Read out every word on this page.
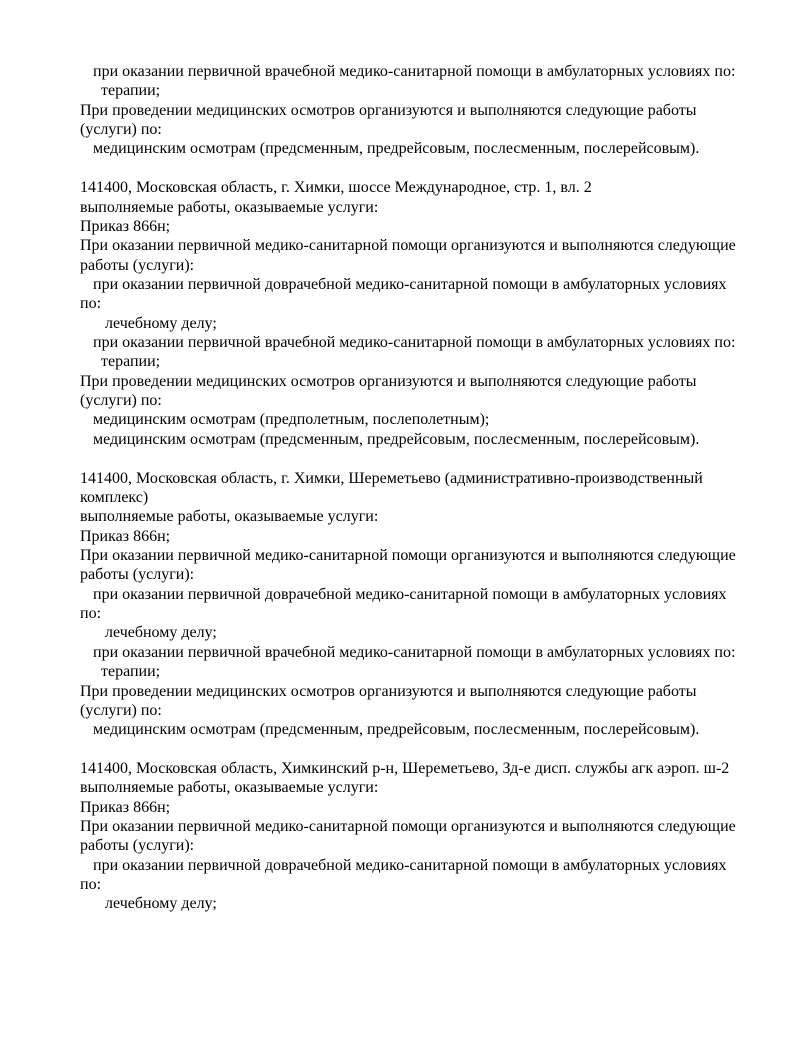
при оказании первичной врачебной медико-санитарной помощи в амбулаторных условиях по:
терапии;
При проведении медицинских осмотров организуются и выполняются следующие работы
(услуги) по:
медицинским осмотрам (предсменным, предрейсовым, послесменным, послерейсовым).
141400, Московская область, г. Химки, шоссе Международное, стр. 1, вл. 2
выполняемые работы, оказываемые услуги:
Приказ 866н;
При оказании первичной медико-санитарной помощи организуются и выполняются следующие
работы (услуги):
при оказании первичной доврачебной медико-санитарной помощи в амбулаторных условиях
по:
лечебному делу;
при оказании первичной врачебной медико-санитарной помощи в амбулаторных условиях по:
терапии;
При проведении медицинских осмотров организуются и выполняются следующие работы
(услуги) по:
медицинским осмотрам (предполетным, послеполетным);
медицинским осмотрам (предсменным, предрейсовым, послесменным, послерейсовым).
141400, Московская область, г. Химки, Шереметьево (административно-производственный
комплекс)
выполняемые работы, оказываемые услуги:
Приказ 866н;
При оказании первичной медико-санитарной помощи организуются и выполняются следующие
работы (услуги):
при оказании первичной доврачебной медико-санитарной помощи в амбулаторных условиях
по:
лечебному делу;
при оказании первичной врачебной медико-санитарной помощи в амбулаторных условиях по:
терапии;
При проведении медицинских осмотров организуются и выполняются следующие работы
(услуги) по:
медицинским осмотрам (предсменным, предрейсовым, послесменным, послерейсовым).
141400, Московская область, Химкинский р-н, Шереметьево, Зд-е дисп. службы агк аэроп. ш-2
выполняемые работы, оказываемые услуги:
Приказ 866н;
При оказании первичной медико-санитарной помощи организуются и выполняются следующие
работы (услуги):
при оказании первичной доврачебной медико-санитарной помощи в амбулаторных условиях
по:
лечебному делу;
